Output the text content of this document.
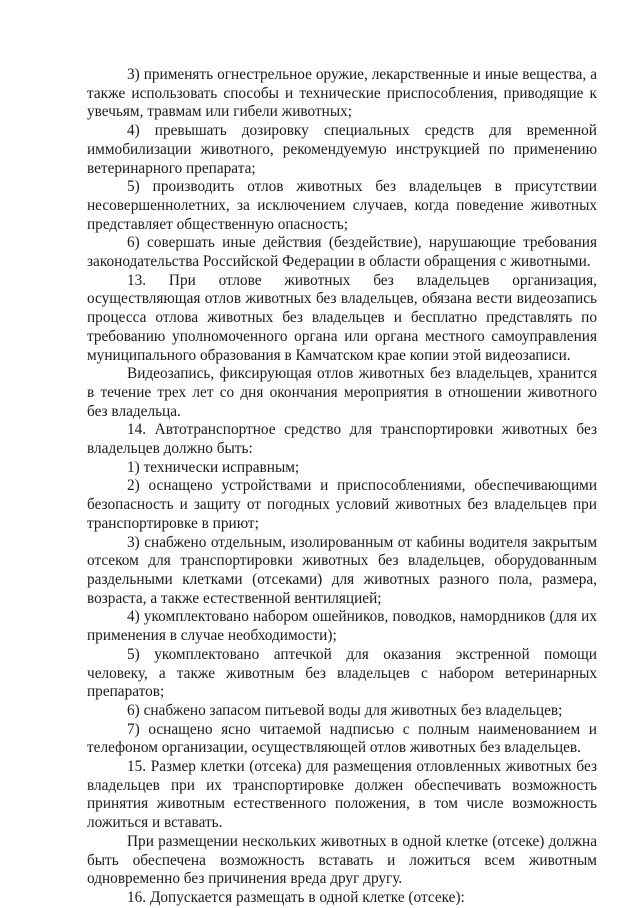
3) применять огнестрельное оружие, лекарственные и иные вещества, а также использовать способы и технические приспособления, приводящие к увечьям, травмам или гибели животных;

4) превышать дозировку специальных средств для временной иммобилизации животного, рекомендуемую инструкцией по применению ветеринарного препарата;

5) производить отлов животных без владельцев в присутствии несовершеннолетних, за исключением случаев, когда поведение животных представляет общественную опасность;

6) совершать иные действия (бездействие), нарушающие требования законодательства Российской Федерации в области обращения с животными.

13. При отлове животных без владельцев организация, осуществляющая отлов животных без владельцев, обязана вести видеозапись процесса отлова животных без владельцев и бесплатно представлять по требованию уполномоченного органа или органа местного самоуправления муниципального образования в Камчатском крае копии этой видеозаписи.

Видеозапись, фиксирующая отлов животных без владельцев, хранится в течение трех лет со дня окончания мероприятия в отношении животного без владельца.

14. Автотранспортное средство для транспортировки животных без владельцев должно быть:

1) технически исправным;

2) оснащено устройствами и приспособлениями, обеспечивающими безопасность и защиту от погодных условий животных без владельцев при транспортировке в приют;

3) снабжено отдельным, изолированным от кабины водителя закрытым отсеком для транспортировки животных без владельцев, оборудованным раздельными клетками (отсеками) для животных разного пола, размера, возраста, а также естественной вентиляцией;

4) укомплектовано набором ошейников, поводков, намордников (для их применения в случае необходимости);

5) укомплектовано аптечкой для оказания экстренной помощи человеку, а также животным без владельцев с набором ветеринарных препаратов;

6) снабжено запасом питьевой воды для животных без владельцев;

7) оснащено ясно читаемой надписью с полным наименованием и телефоном организации, осуществляющей отлов животных без владельцев.

15. Размер клетки (отсека) для размещения отловленных животных без владельцев при их транспортировке должен обеспечивать возможность принятия животным естественного положения, в том числе возможность ложиться и вставать.

При размещении нескольких животных в одной клетке (отсеке) должна быть обеспечена возможность вставать и ложиться всем животным одновременно без причинения вреда друг другу.

16. Допускается размещать в одной клетке (отсеке):
